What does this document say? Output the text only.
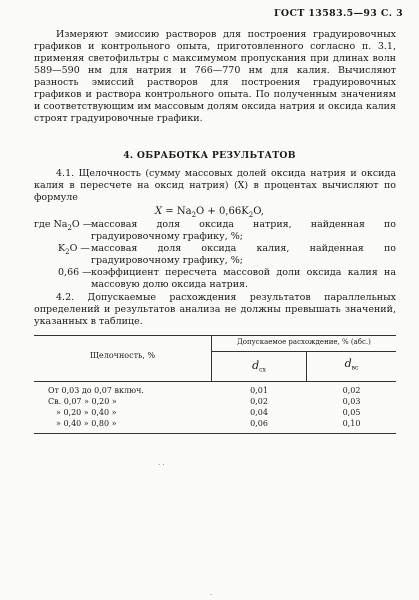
ГОСТ 13583.5—93 С. 3

Измеряют эмиссию растворов для построения градуировочных графиков и контрольного опыта, приготовленного согласно п. 3.1, применяя светофильтры с максимумом пропускания при длинах волн 589—590 нм для натрия и 766—770 нм для калия. Вычисляют разность эмиссий растворов для построения градуировочных графиков и раствора контрольного опыта. По полученным значениям и соответствующим им массовым долям оксида натрия и оксида калия строят градуировочные графики.

4. ОБРАБОТКА РЕЗУЛЬТАТОВ

4.1. Щелочность (сумму массовых долей оксида натрия и оксида калия в пересчете на оксид натрия) (X) в процентах вычисляют по формуле

$X = Na_2O + 0,66K_2O$,
где $Na_2O$ —
массовая доля оксида натрия, найденная по градуировочному графику, %;
$K_2O$ — массовая доля оксида калия, найденная по градуировочному графику, %;
0,66 — коэффициент пересчета массовой доли оксида калия на массовую долю оксида натрия.

4.2. Допускаемые расхождения результатов параллельных определений и результатов анализа не должны превышать значений, указанных в таблице.

Щелочность, %
Допускаемое расхождение, % (абс.)
$d_{сх}$
$d_{вс}$
От 0,03 до 0,07 включ.	0,01	0,02
Св. 0,07 » 0,20 »	0,02	0,03
» 0,20 » 0,40 »	0,04	0,05
» 0,40 » 0,80 »	0,06	0,10
· ·
·
